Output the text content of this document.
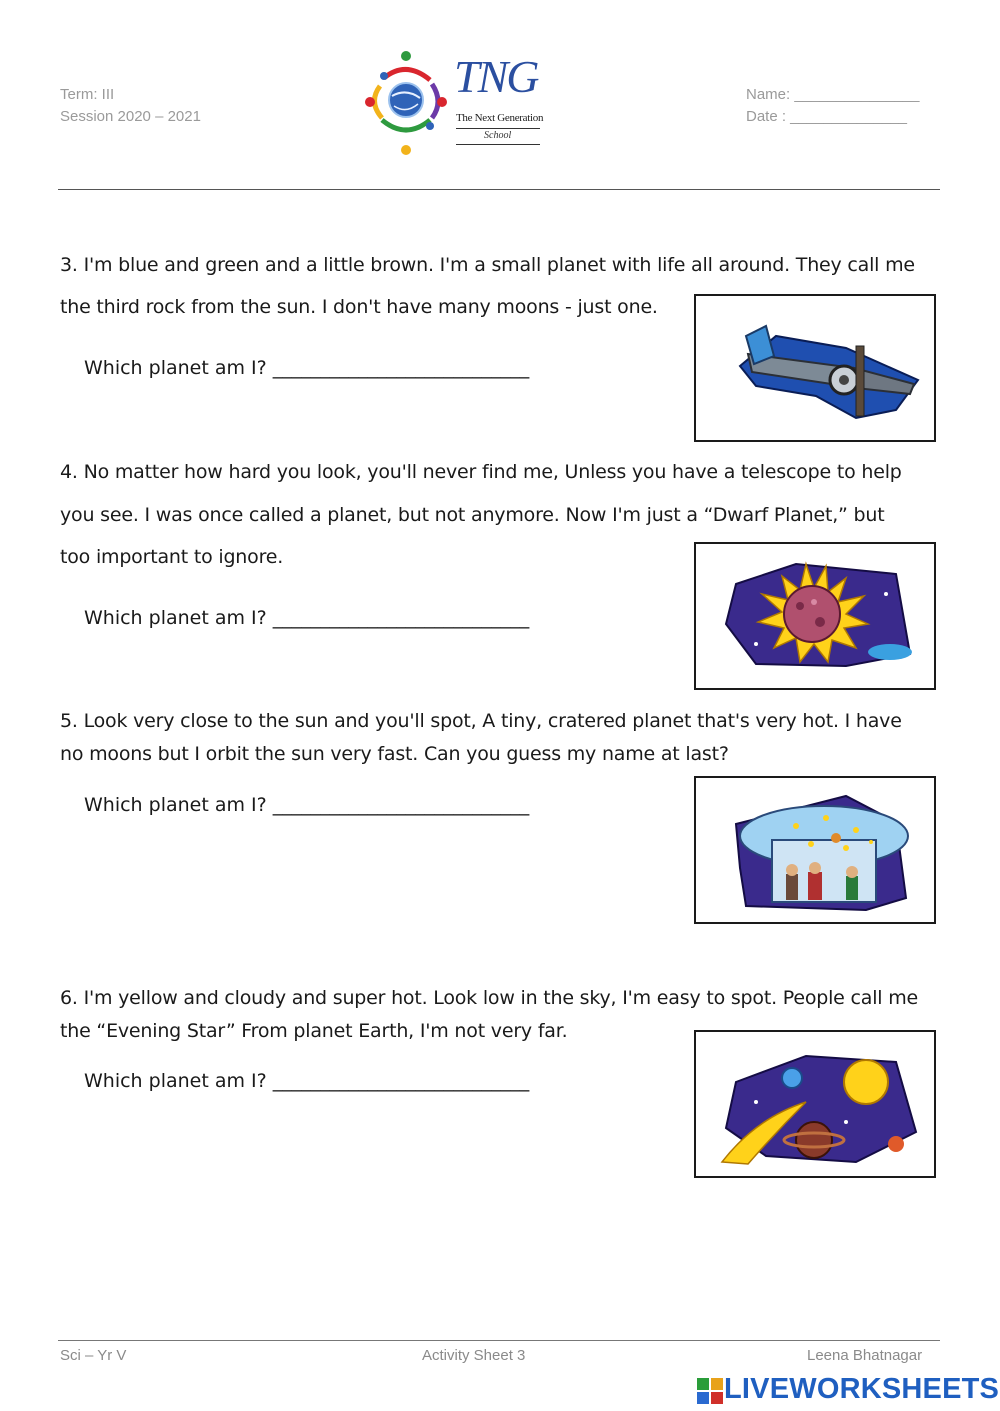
Term: III
Session 2020 – 2021
TNG
The Next Generation
School
Name: _______________
Date : ______________
3. I'm blue and green and a little brown. I'm a small planet with life all around. They call me
the third rock from the sun. I don't have many moons - just one.
Which planet am I? ___________________________
4. No matter how hard you look, you'll never find me, Unless you have a telescope to help
you see. I was once called a planet, but not anymore. Now I'm just a “Dwarf Planet,” but
too important to ignore.
Which planet am I? ___________________________
5. Look very close to the sun and you'll spot, A tiny, cratered planet that's very hot. I have
no moons but I orbit the sun very fast. Can you guess my name at last?
Which planet am I? ___________________________
6. I'm yellow and cloudy and super hot. Look low in the sky, I'm easy to spot. People call me
the “Evening Star” From planet Earth, I'm not very far.
Which planet am I? ___________________________
Sci – Yr V	Activity Sheet 3	Leena Bhatnagar
LIVEWORKSHEETS
